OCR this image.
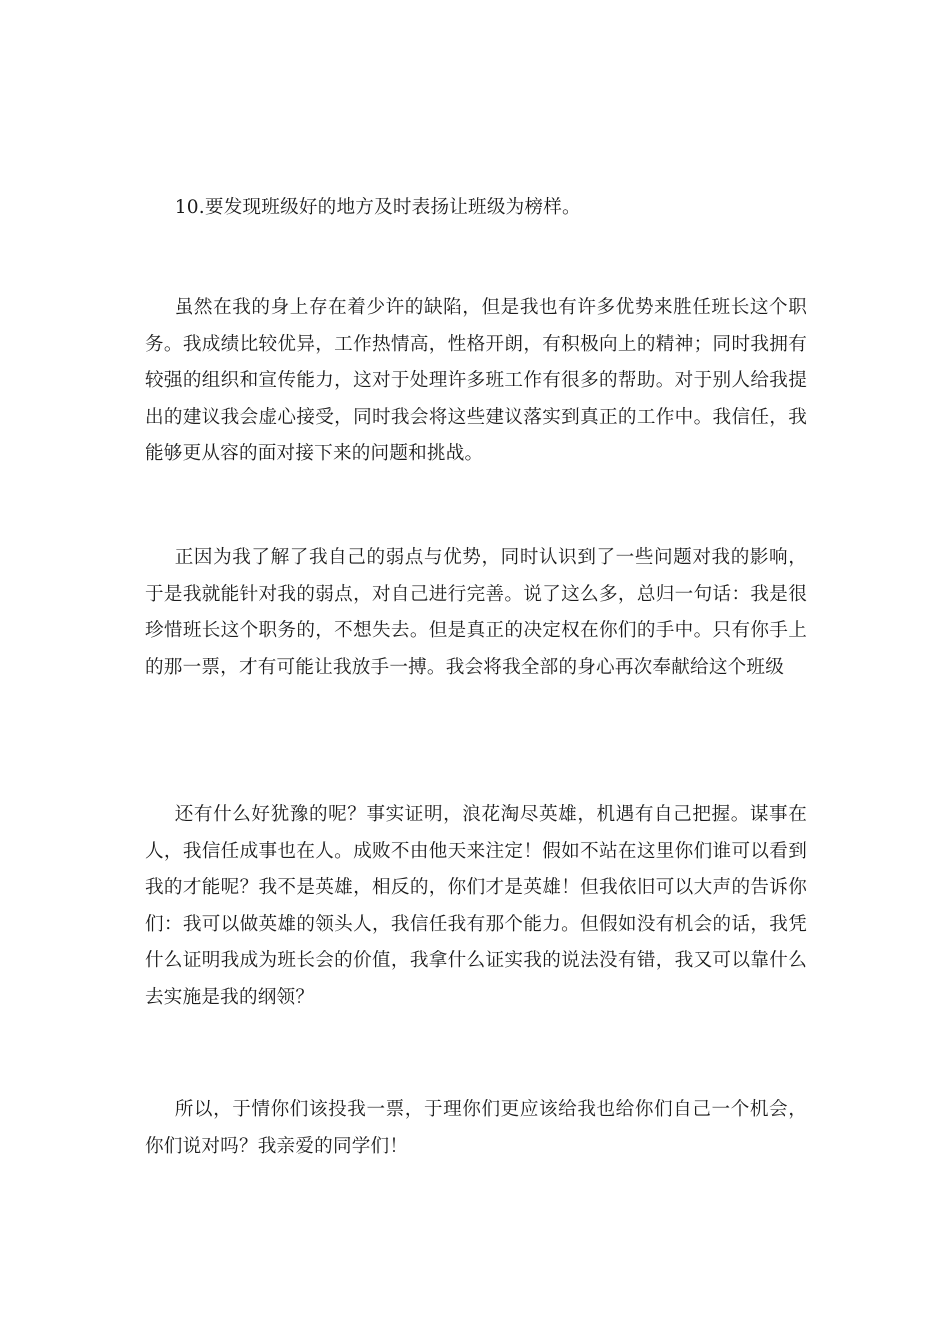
10.要发现班级好的地方及时表扬让班级为榜样。

虽然在我的身上存在着少许的缺陷，但是我也有许多优势来胜任班长这个职务。我成绩比较优异，工作热情高，性格开朗，有积极向上的精神；同时我拥有较强的组织和宣传能力，这对于处理许多班工作有很多的帮助。对于别人给我提出的建议我会虚心接受，同时我会将这些建议落实到真正的工作中。我信任，我能够更从容的面对接下来的问题和挑战。

正因为我了解了我自己的弱点与优势，同时认识到了一些问题对我的影响，于是我就能针对我的弱点，对自己进行完善。说了这么多，总归一句话：我是很珍惜班长这个职务的，不想失去。但是真正的决定权在你们的手中。只有你手上的那一票，才有可能让我放手一搏。我会将我全部的身心再次奉献给这个班级

还有什么好犹豫的呢？事实证明，浪花淘尽英雄，机遇有自己把握。谋事在人，我信任成事也在人。成败不由他天来注定！假如不站在这里你们谁可以看到我的才能呢？我不是英雄，相反的，你们才是英雄！但我依旧可以大声的告诉你们：我可以做英雄的领头人，我信任我有那个能力。但假如没有机会的话，我凭什么证明我成为班长会的价值，我拿什么证实我的说法没有错，我又可以靠什么去实施是我的纲领？

所以，于情你们该投我一票，于理你们更应该给我也给你们自己一个机会，你们说对吗？我亲爱的同学们！
